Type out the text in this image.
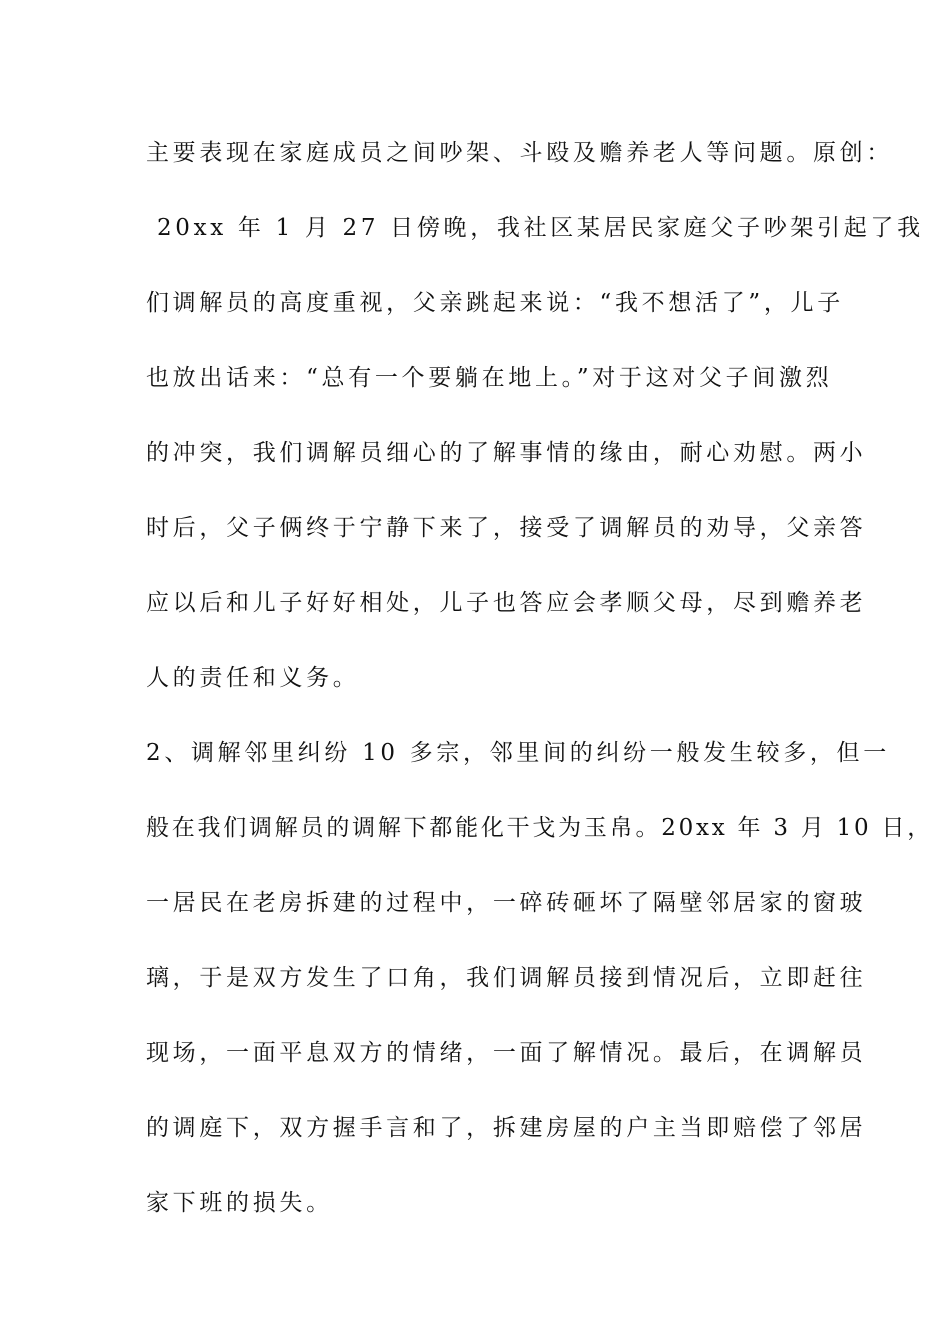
主要表现在家庭成员之间吵架、斗殴及赡养老人等问题。原创：
20xx 年 1 月 27 日傍晚，我社区某居民家庭父子吵架引起了我
们调解员的高度重视，父亲跳起来说：“我不想活了”，儿子
也放出话来：“总有一个要躺在地上。”对于这对父子间激烈
的冲突，我们调解员细心的了解事情的缘由，耐心劝慰。两小
时后，父子俩终于宁静下来了，接受了调解员的劝导，父亲答
应以后和儿子好好相处，儿子也答应会孝顺父母，尽到赡养老
人的责任和义务。
2、调解邻里纠纷 10 多宗，邻里间的纠纷一般发生较多，但一
般在我们调解员的调解下都能化干戈为玉帛。20xx 年 3 月 10 日，
一居民在老房拆建的过程中，一碎砖砸坏了隔壁邻居家的窗玻
璃，于是双方发生了口角，我们调解员接到情况后，立即赶往
现场，一面平息双方的情绪，一面了解情况。最后，在调解员
的调庭下，双方握手言和了，拆建房屋的户主当即赔偿了邻居
家下班的损失。
